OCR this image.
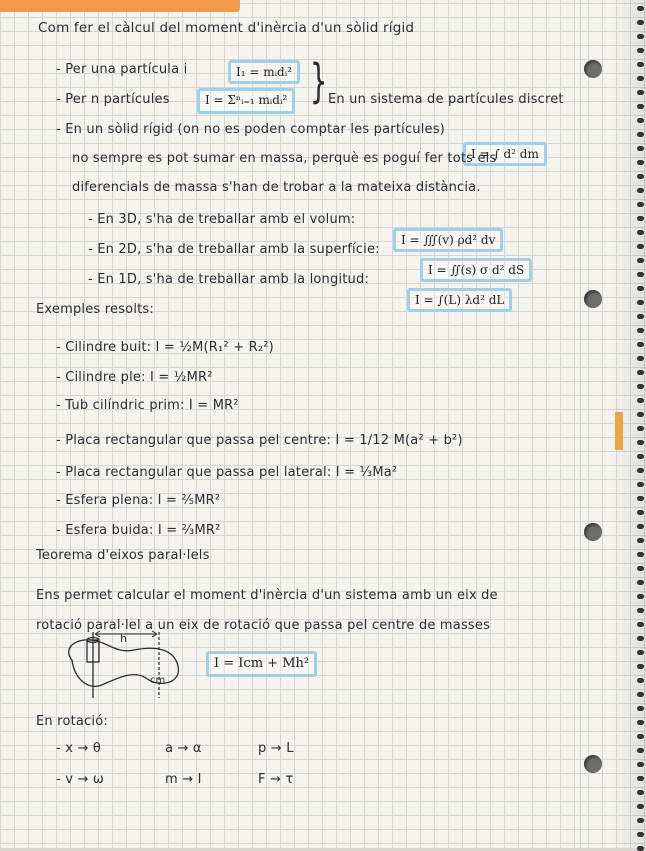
Com fer el càlcul del moment d'inèrcia d'un sòlid rígid
- Per una partícula i	I₁ = mᵢdᵢ²
- Per n partícules	I = Σⁿᵢ₌₁ mᵢdᵢ² } En un sistema de partícules discret
- En un sòlid rígid (on no es poden comptar les partícules)
I = ∫ d² dm
no sempre es pot sumar en massa, perquè es poguí fer tots els
diferencials de massa s'han de trobar a la mateixa distància.
- En 3D, s'ha de treballar amb el volum:
I = ∭(v) ρd² dv
- En 2D, s'ha de treballar amb la superfície:
I = ∬(s) σ d² dS
- En 1D, s'ha de treballar amb la longitud:
I = ∫(L) λd² dL
Exemples resolts:
- Cilindre buit: I = ½M(R₁² + R₂²)
- Cilindre ple: I = ½MR²
- Tub cilíndric prim: I = MR²
- Placa rectangular que passa pel centre: I = 1/12 M(a² + b²)
- Placa rectangular que passa pel lateral: I = ⅓Ma²
- Esfera plena: I = ⅖MR²
- Esfera buida: I = ⅔MR²
Teorema d'eixos paral·lels
Ens permet calcular el moment d'inèrcia d'un sistema amb un eix de
rotació paral·lel a un eix de rotació que passa pel centre de masses
h
cm
I = Icm + Mh²
En rotació:
- x → θ	a → α	p → L
- v → ω	m → I	F → τ
